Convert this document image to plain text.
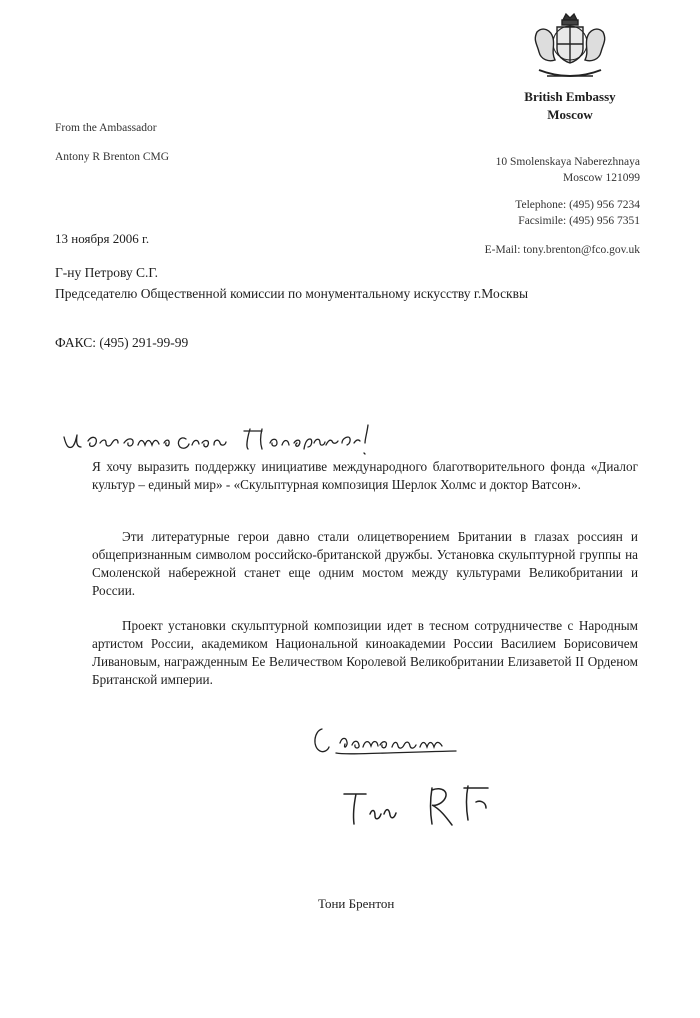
British Embassy
Moscow
From the Ambassador
Antony R Brenton CMG	10 Smolenskaya Naberezhnaya
Moscow 121099
Telephone: (495) 956 7234
Facsimile: (495) 956 7351
E-Mail: tony.brenton@fco.gov.uk
13 ноября 2006 г.
Г-ну Петрову С.Г.
Председателю Общественной комиссии по монументальному искусству г.Москвы
ФАКС: (495) 291-99-99
Я хочу выразить поддержку инициативе международного благотворительного фонда «Диалог культур – единый мир» - «Скульптурная композиция Шерлок Холмс и доктор Ватсон».
Эти литературные герои давно стали олицетворением Британии в глазах россиян и общепризнанным символом российско-британской дружбы. Установка скульптурной группы на Смоленской набережной станет еще одним мостом между культурами Великобритании и России.
Проект установки скульптурной композиции идет в тесном сотрудничестве с Народным артистом России, академиком Национальной киноакадемии России Василием Борисовичем Ливановым, награжденным Ее Величеством Королевой Великобритании Елизаветой II Орденом Британской империи.
Тони Брентон
